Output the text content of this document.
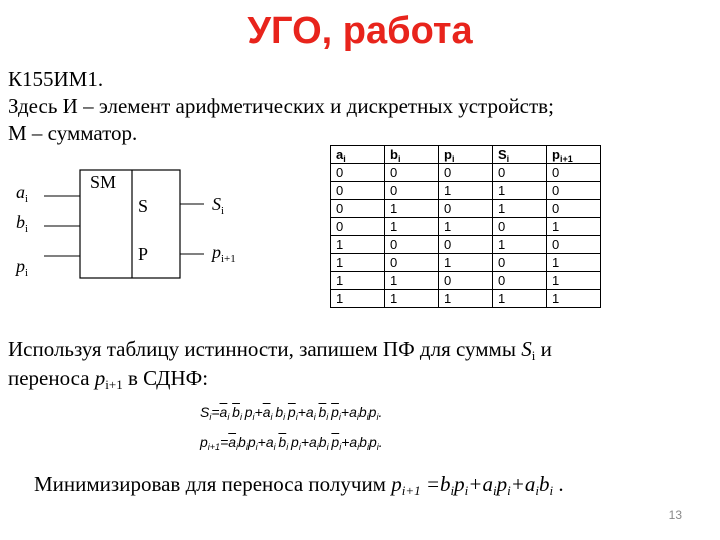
УГО, работа
К155ИМ1.
Здесь И – элемент арифметических и дискретных устройств;
М – сумматор.
SM
S
P
$a_i$
$b_i$
$p_i$
$S_i$
$p_{i+1}$
$a_i$	$b_i$	$p_i$	$S_i$	$p_{i+1}$
0	0	0	0	0
0	0	1	1	0
0	1	0	1	0
0	1	1	0	1
1	0	0	1	0
1	0	1	0	1
1	1	0	0	1
1	1	1	1	1
Используя таблицу истинности, запишем ПФ для суммы Si и
переноса pi+1 в СДНФ:
$S_i=\overline{a}_i$  $\overline{b}_i$ $p_i+\overline{a}_i$ $b_i$  $\overline{p}_i+a_i$  $\overline{b}_i$  $\overline{p}_i+a_ib_ip_i$.
$p_{i+1}=\overline{a}_ib_ip_i+a_i$  $\overline{b}_i$ $p_i+a_ib_i$  $\overline{p}_i+a_ib_ip_i$.
Минимизировав для переноса получим pi+1 =bipi+aipi+aibi .
13
